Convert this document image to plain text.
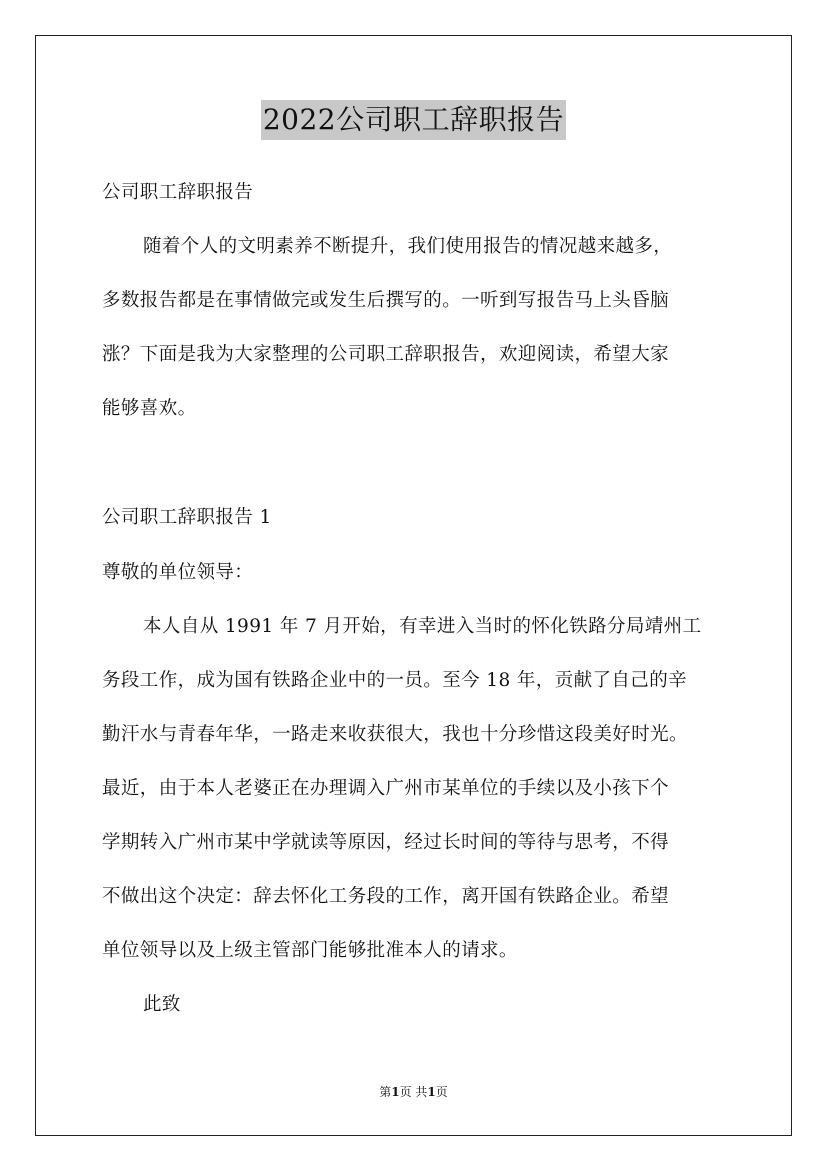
2022公司职工辞职报告
公司职工辞职报告
随着个人的文明素养不断提升，我们使用报告的情况越来越多，
多数报告都是在事情做完或发生后撰写的。一听到写报告马上头昏脑
涨？下面是我为大家整理的公司职工辞职报告，欢迎阅读，希望大家
能够喜欢。
公司职工辞职报告 1
尊敬的单位领导：
本人自从 1991 年 7 月开始，有幸进入当时的怀化铁路分局靖州工
务段工作，成为国有铁路企业中的一员。至今 18 年，贡献了自己的辛
勤汗水与青春年华，一路走来收获很大，我也十分珍惜这段美好时光。
最近，由于本人老婆正在办理调入广州市某单位的手续以及小孩下个
学期转入广州市某中学就读等原因，经过长时间的等待与思考，不得
不做出这个决定：辞去怀化工务段的工作，离开国有铁路企业。希望
单位领导以及上级主管部门能够批准本人的请求。
此致
第1页 共1页
